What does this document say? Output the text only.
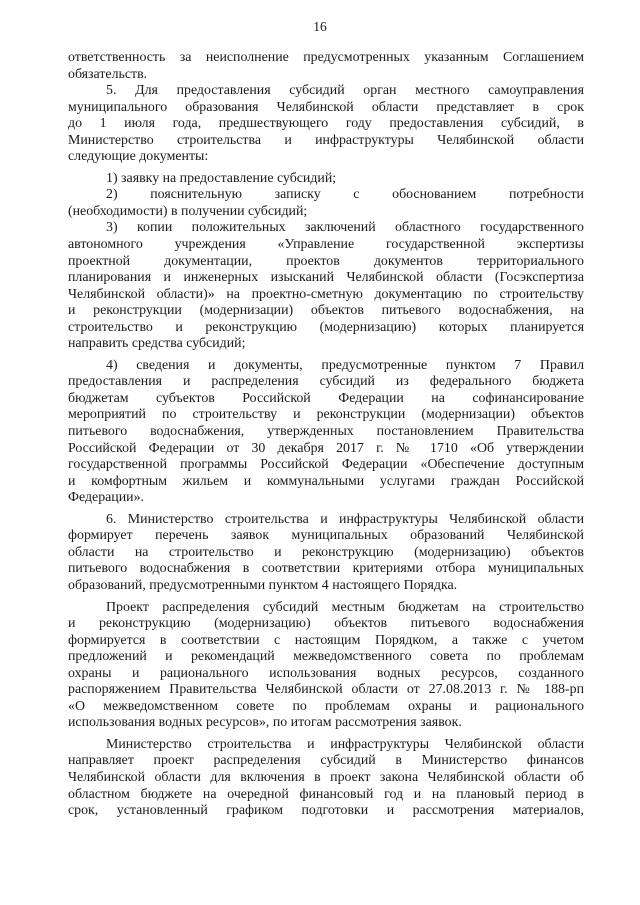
16
ответственность за неисполнение предусмотренных указанным Соглашением
обязательств.
5. Для предоставления субсидий орган местного самоуправления
муниципального образования Челябинской области представляет в срок
до 1 июля года, предшествующего году предоставления субсидий, в
Министерство строительства и инфраструктуры Челябинской области
следующие документы:
1) заявку на предоставление субсидий;
2) пояснительную записку с обоснованием потребности
(необходимости) в получении субсидий;
3) копии положительных заключений областного государственного
автономного учреждения «Управление государственной экспертизы
проектной документации, проектов документов территориального
планирования и инженерных изысканий Челябинской области (Госэкспертиза
Челябинской области)» на проектно-сметную документацию по строительству
и реконструкции (модернизации) объектов питьевого водоснабжения, на
строительство и реконструкцию (модернизацию) которых планируется
направить средства субсидий;
4) сведения и документы, предусмотренные пунктом 7 Правил
предоставления и распределения субсидий из федерального бюджета
бюджетам субъектов Российской Федерации на софинансирование
мероприятий по строительству и реконструкции (модернизации) объектов
питьевого водоснабжения, утвержденных постановлением Правительства
Российской Федерации от 30 декабря 2017 г. № 1710 «Об утверждении
государственной программы Российской Федерации «Обеспечение доступным
и комфортным жильем и коммунальными услугами граждан Российской
Федерации».
6. Министерство строительства и инфраструктуры Челябинской области
формирует перечень заявок муниципальных образований Челябинской
области на строительство и реконструкцию (модернизацию) объектов
питьевого водоснабжения в соответствии критериями отбора муниципальных
образований, предусмотренными пунктом 4 настоящего Порядка.
Проект распределения субсидий местным бюджетам на строительство
и реконструкцию (модернизацию) объектов питьевого водоснабжения
формируется в соответствии с настоящим Порядком, а также с учетом
предложений и рекомендаций межведомственного совета по проблемам
охраны и рационального использования водных ресурсов, созданного
распоряжением Правительства Челябинской области от 27.08.2013 г. № 188-рп
«О межведомственном совете по проблемам охраны и рационального
использования водных ресурсов», по итогам рассмотрения заявок.
Министерство строительства и инфраструктуры Челябинской области
направляет проект распределения субсидий в Министерство финансов
Челябинской области для включения в проект закона Челябинской области об
областном бюджете на очередной финансовый год и на плановый период в
срок, установленный графиком подготовки и рассмотрения материалов,
